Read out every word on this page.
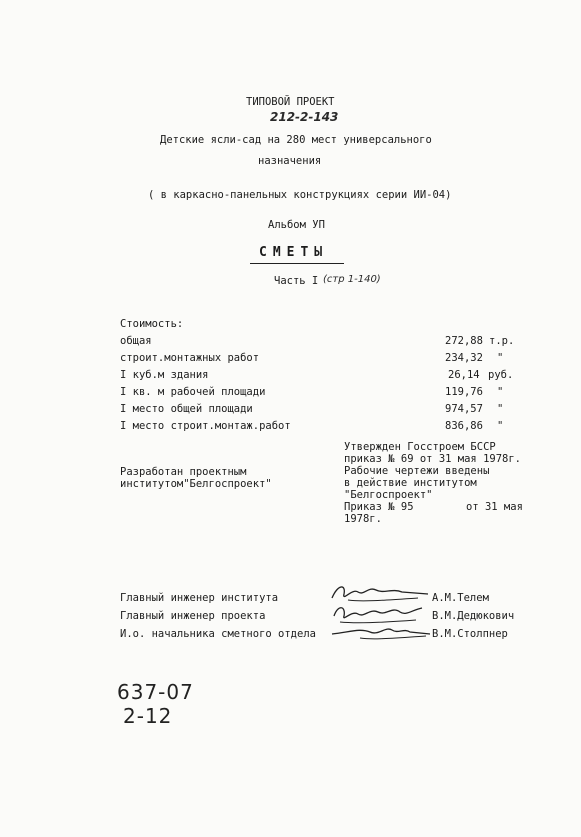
ТИПОВОЙ ПРОЕКТ
212-2-143
Детские ясли-сад на 280 мест универсального
назначения
( в каркасно-панельных конструкциях серии ИИ-04)
Альбом УП
СМЕТЫ
Часть I (стр 1-140)
Стоимость:
общая	272,88 т.р.
строит.монтажных работ	234,32 "
I куб.м здания	26,14 руб.
I кв. м рабочей площади	119,76 "
I место общей площади	974,57 "
I место строит.монтаж.работ	836,86 "
Утвержден Госстроем БССР
приказ № 69 от 31 мая 1978г.
Рабочие чертежи введены
в действие институтом
"Белгоспроект"
Приказ № 95	от 31 мая
1978г.
Разработан проектным
институтом"Белгоспроект"
Главный инженер института	А.М.Телем
Главный инженер проекта	В.М.Дедюкович
И.о. начальника сметного отдела	В.М.Столпнер
637-07
2-12
